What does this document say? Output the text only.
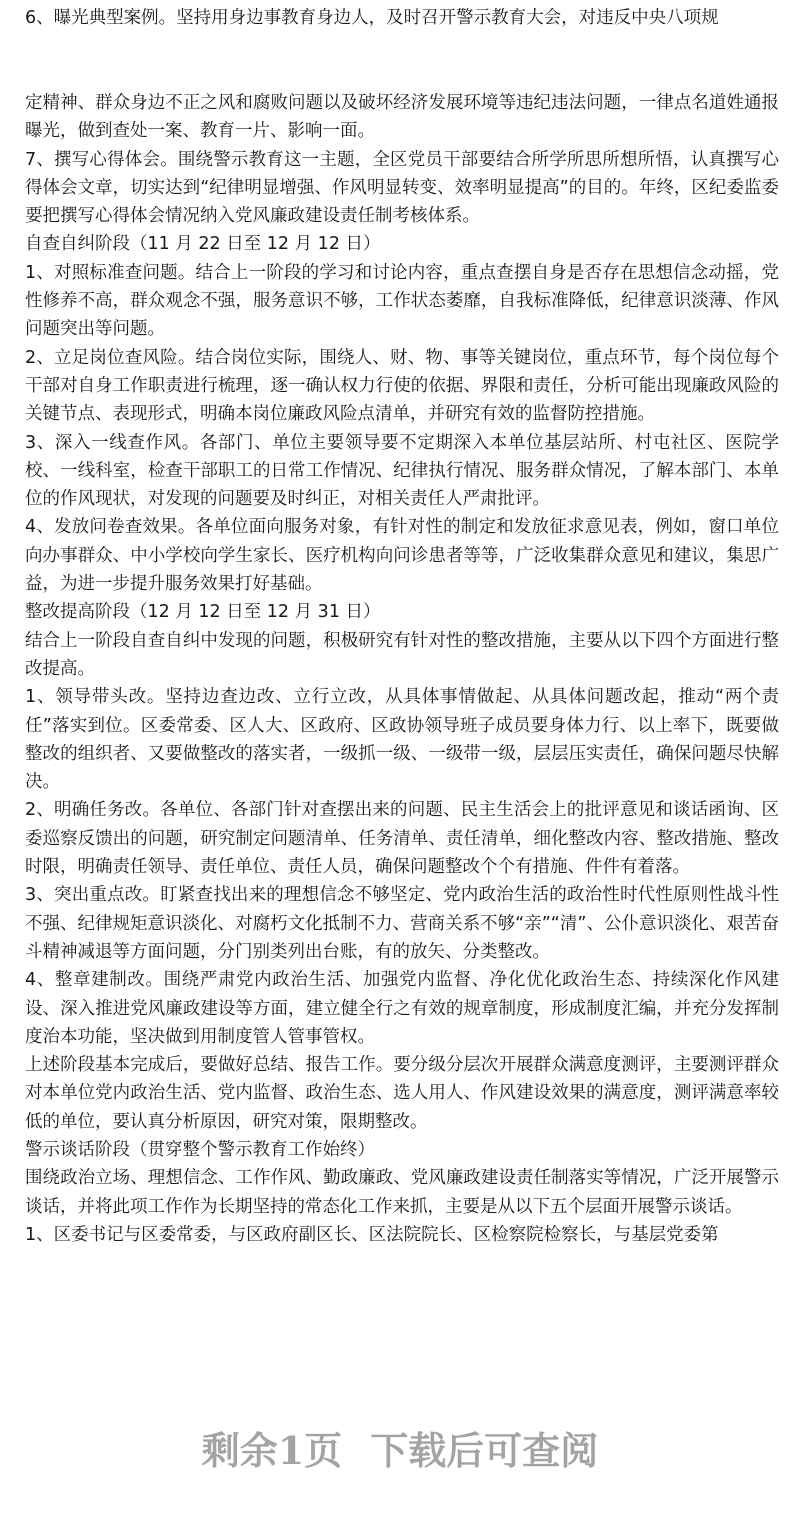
6、曝光典型案例。坚持用身边事教育身边人，及时召开警示教育大会，对违反中央八项规

定精神、群众身边不正之风和腐败问题以及破坏经济发展环境等违纪违法问题，一律点名道姓通报曝光，做到查处一案、教育一片、影响一面。

7、撰写心得体会。围绕警示教育这一主题，全区党员干部要结合所学所思所想所悟，认真撰写心得体会文章，切实达到“纪律明显增强、作风明显转变、效率明显提高”的目的。年终，区纪委监委要把撰写心得体会情况纳入党风廉政建设责任制考核体系。

自查自纠阶段（11 月 22 日至 12 月 12 日）

1、对照标准查问题。结合上一阶段的学习和讨论内容，重点查摆自身是否存在思想信念动摇，党性修养不高，群众观念不强，服务意识不够，工作状态萎靡，自我标准降低，纪律意识淡薄、作风问题突出等问题。

2、立足岗位查风险。结合岗位实际，围绕人、财、物、事等关键岗位，重点环节，每个岗位每个干部对自身工作职责进行梳理，逐一确认权力行使的依据、界限和责任，分析可能出现廉政风险的关键节点、表现形式，明确本岗位廉政风险点清单，并研究有效的监督防控措施。

3、深入一线查作风。各部门、单位主要领导要不定期深入本单位基层站所、村屯社区、医院学校、一线科室，检查干部职工的日常工作情况、纪律执行情况、服务群众情况，了解本部门、本单位的作风现状，对发现的问题要及时纠正，对相关责任人严肃批评。

4、发放问卷查效果。各单位面向服务对象，有针对性的制定和发放征求意见表，例如，窗口单位向办事群众、中小学校向学生家长、医疗机构向问诊患者等等，广泛收集群众意见和建议，集思广益，为进一步提升服务效果打好基础。

整改提高阶段（12 月 12 日至 12 月 31 日）

结合上一阶段自查自纠中发现的问题，积极研究有针对性的整改措施，主要从以下四个方面进行整改提高。

1、领导带头改。坚持边查边改、立行立改，从具体事情做起、从具体问题改起，推动“两个责任”落实到位。区委常委、区人大、区政府、区政协领导班子成员要身体力行、以上率下，既要做整改的组织者、又要做整改的落实者，一级抓一级、一级带一级，层层压实责任，确保问题尽快解决。

2、明确任务改。各单位、各部门针对查摆出来的问题、民主生活会上的批评意见和谈话函询、区委巡察反馈出的问题，研究制定问题清单、任务清单、责任清单，细化整改内容、整改措施、整改时限，明确责任领导、责任单位、责任人员，确保问题整改个个有措施、件件有着落。

3、突出重点改。盯紧查找出来的理想信念不够坚定、党内政治生活的政治性时代性原则性战斗性不强、纪律规矩意识淡化、对腐朽文化抵制不力、营商关系不够“亲”“清”、公仆意识淡化、艰苦奋斗精神减退等方面问题，分门别类列出台账，有的放矢、分类整改。

4、整章建制改。围绕严肃党内政治生活、加强党内监督、净化优化政治生态、持续深化作风建设、深入推进党风廉政建设等方面，建立健全行之有效的规章制度，形成制度汇编，并充分发挥制度治本功能，坚决做到用制度管人管事管权。

上述阶段基本完成后，要做好总结、报告工作。要分级分层次开展群众满意度测评，主要测评群众对本单位党内政治生活、党内监督、政治生态、选人用人、作风建设效果的满意度，测评满意率较低的单位，要认真分析原因，研究对策，限期整改。

警示谈话阶段（贯穿整个警示教育工作始终）

围绕政治立场、理想信念、工作作风、勤政廉政、党风廉政建设责任制落实等情况，广泛开展警示谈话，并将此项工作作为长期坚持的常态化工作来抓，主要是从以下五个层面开展警示谈话。

1、区委书记与区委常委，与区政府副区长、区法院院长、区检察院检察长，与基层党委第

剩余1页 下载后可查阅
